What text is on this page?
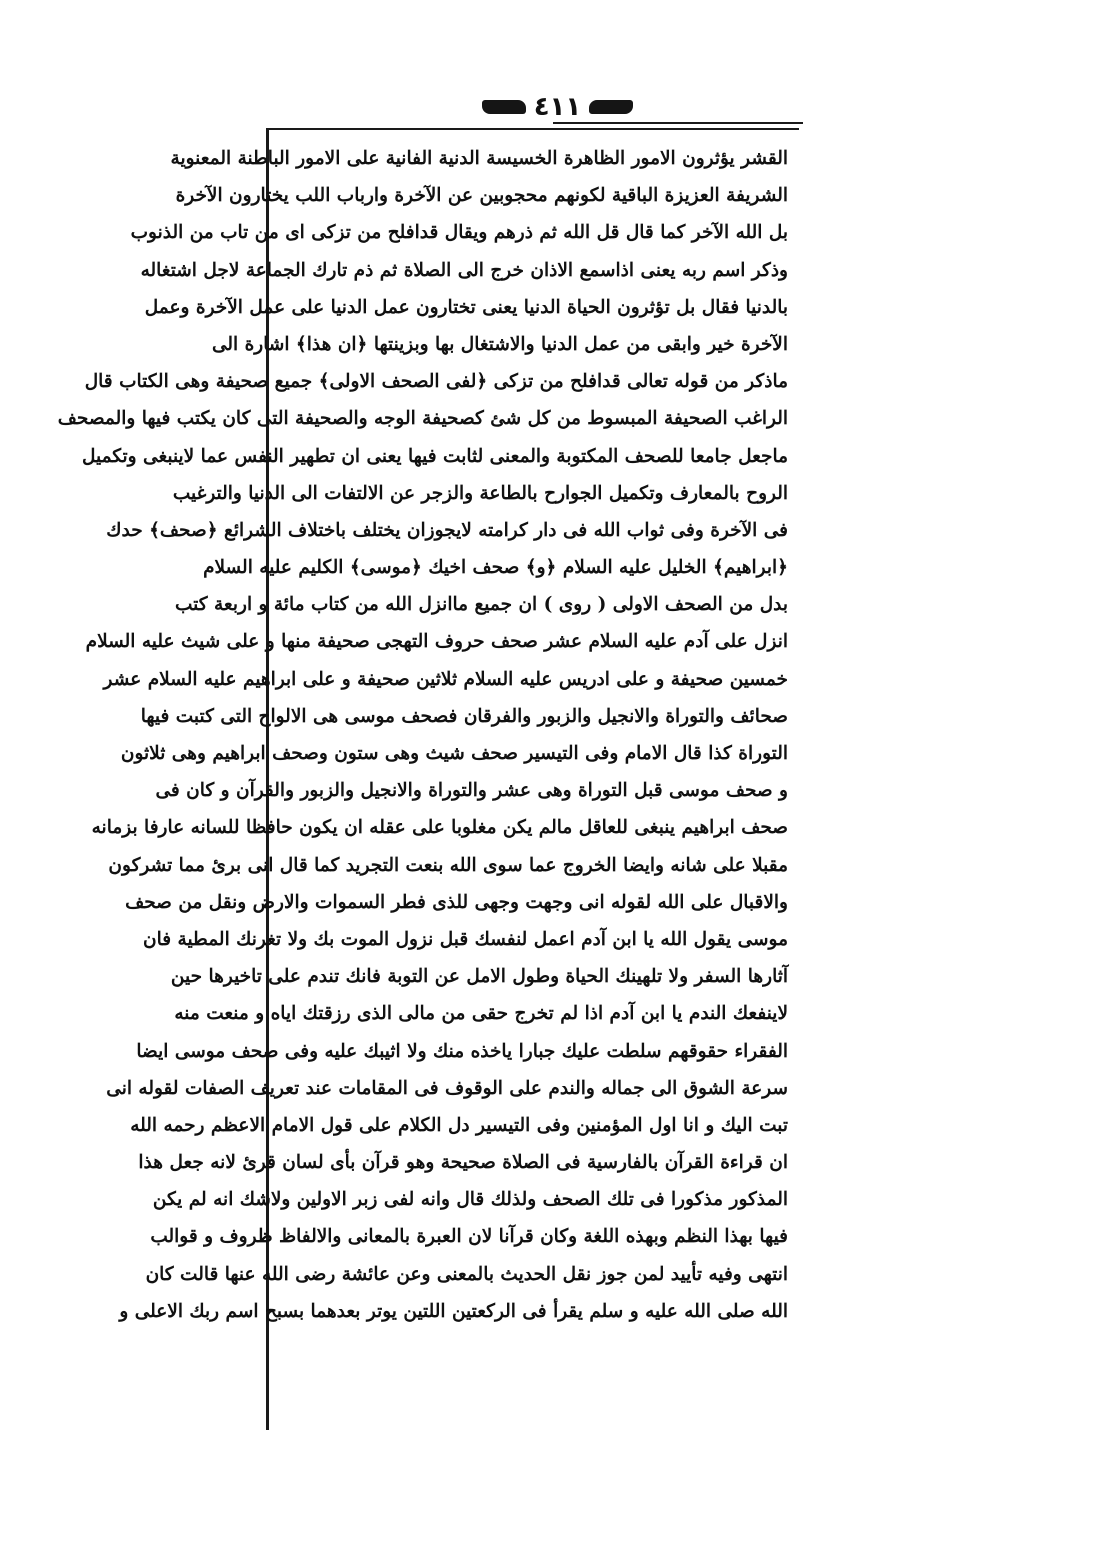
٤١١
القشر يؤثرون الامور الظاهرة الخسيسة الدنية الفانية على الامور الباطنة المعنوية
الشريفة العزيزة الباقية لكونهم محجوبين عن الآخرة وارباب اللب يختارون الآخرة
بل الله الآخر كما قال قل الله ثم ذرهم ويقال قدافلح من تزكى اى من تاب من الذنوب
وذكر اسم ربه يعنى اذاسمع الاذان خرج الى الصلاة ثم ذم تارك الجماعة لاجل اشتغاله
بالدنيا فقال بل تؤثرون الحياة الدنيا يعنى تختارون عمل الدنيا على عمل الآخرة وعمل
الآخرة خير وابقى من عمل الدنيا والاشتغال بها وبزينتها ﴿ان هذا﴾ اشارة الى
ماذكر من قوله تعالى قدافلح من تزكى ﴿لفى الصحف الاولى﴾ جميع صحيفة وهى الكتاب قال
الراغب الصحيفة المبسوط من كل شئ كصحيفة الوجه والصحيفة التى كان يكتب فيها والمصحف
ماجعل جامعا للصحف المكتوبة والمعنى لثابت فيها يعنى ان تطهير النفس عما لاينبغى وتكميل
الروح بالمعارف وتكميل الجوارح بالطاعة والزجر عن الالتفات الى الدنيا والترغيب
فى الآخرة وفى ثواب الله فى دار كرامته لايجوزان يختلف باختلاف الشرائع ﴿صحف﴾ حدك
﴿ابراهيم﴾ الخليل عليه السلام ﴿و﴾ صحف اخيك ﴿موسى﴾ الكليم عليه السلام
بدل من الصحف الاولى ( روى ) ان جميع ماانزل الله من كتاب مائة و اربعة كتب
انزل على آدم عليه السلام عشر صحف حروف التهجى صحيفة منها و على شيث عليه السلام
خمسين صحيفة و على ادريس عليه السلام ثلاثين صحيفة و على ابراهيم عليه السلام عشر
صحائف والتوراة والانجيل والزبور والفرقان فصحف موسى هى الالواح التى كتبت فيها
التوراة كذا قال الامام وفى التيسير صحف شيث وهى ستون وصحف ابراهيم وهى ثلاثون
و صحف موسى قبل التوراة وهى عشر والتوراة والانجيل والزبور والقرآن و كان فى
صحف ابراهيم ينبغى للعاقل مالم يكن مغلوبا على عقله ان يكون حافظا للسانه عارفا بزمانه
مقبلا على شانه وايضا الخروج عما سوى الله بنعت التجريد كما قال انى برئ مما تشركون
والاقبال على الله لقوله انى وجهت وجهى للذى فطر السموات والارض ونقل من صحف
موسى يقول الله يا ابن آدم اعمل لنفسك قبل نزول الموت بك ولا تغرنك المطية فان
آثارها السفر ولا تلهينك الحياة وطول الامل عن التوبة فانك تندم على تاخيرها حين
لاينفعك الندم يا ابن آدم اذا لم تخرج حقى من مالى الذى رزقتك اياه و منعت منه
الفقراء حقوقهم سلطت عليك جبارا ياخذه منك ولا اثيبك عليه وفى صحف موسى ايضا
سرعة الشوق الى جماله والندم على الوقوف فى المقامات عند تعريف الصفات لقوله انى
تبت اليك و انا اول المؤمنين وفى التيسير دل الكلام على قول الامام الاعظم رحمه الله
ان قراءة القرآن بالفارسية فى الصلاة صحيحة وهو قرآن بأى لسان قرئ لانه جعل هذا
المذكور مذكورا فى تلك الصحف ولذلك قال وانه لفى زبر الاولين ولاشك انه لم يكن
فيها بهذا النظم وبهذه اللغة وكان قرآنا لان العبرة بالمعانى والالفاظ ظروف و قوالب
انتهى وفيه تأييد لمن جوز نقل الحديث بالمعنى وعن عائشة رضى الله عنها قالت كان
الله صلى الله عليه و سلم يقرأ فى الركعتين اللتين يوتر بعدهما بسبح اسم ربك الاعلى و
